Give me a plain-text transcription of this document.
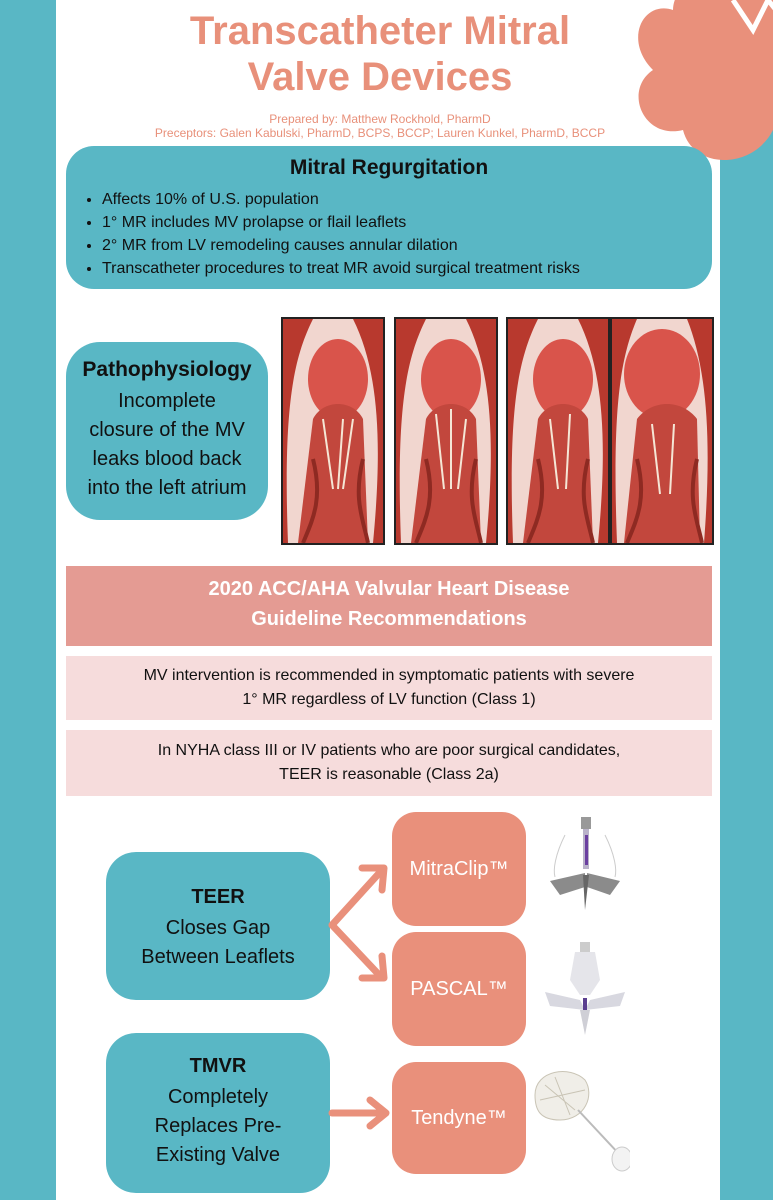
Transcatheter Mitral
Valve Devices
Prepared by: Matthew Rockhold, PharmD
Preceptors: Galen Kabulski, PharmD, BCPS, BCCP; Lauren Kunkel, PharmD, BCCP
Mitral Regurgitation
• Affects 10% of U.S. population
• 1° MR includes MV prolapse or flail leaflets
• 2° MR from LV remodeling causes annular dilation
• Transcatheter procedures to treat MR avoid surgical treatment risks
Pathophysiology
Incomplete
closure of the MV
leaks blood back
into the left atrium
2020 ACC/AHA Valvular Heart Disease
Guideline Recommendations
MV intervention is recommended in symptomatic patients with severe
1° MR regardless of LV function (Class 1)
In NYHA class III or IV patients who are poor surgical candidates,
TEER is reasonable (Class 2a)
TEER
Closes Gap
Between Leaflets
TMVR
Completely
Replaces Pre-
Existing Valve
MitraClip™
PASCAL™
Tendyne™
